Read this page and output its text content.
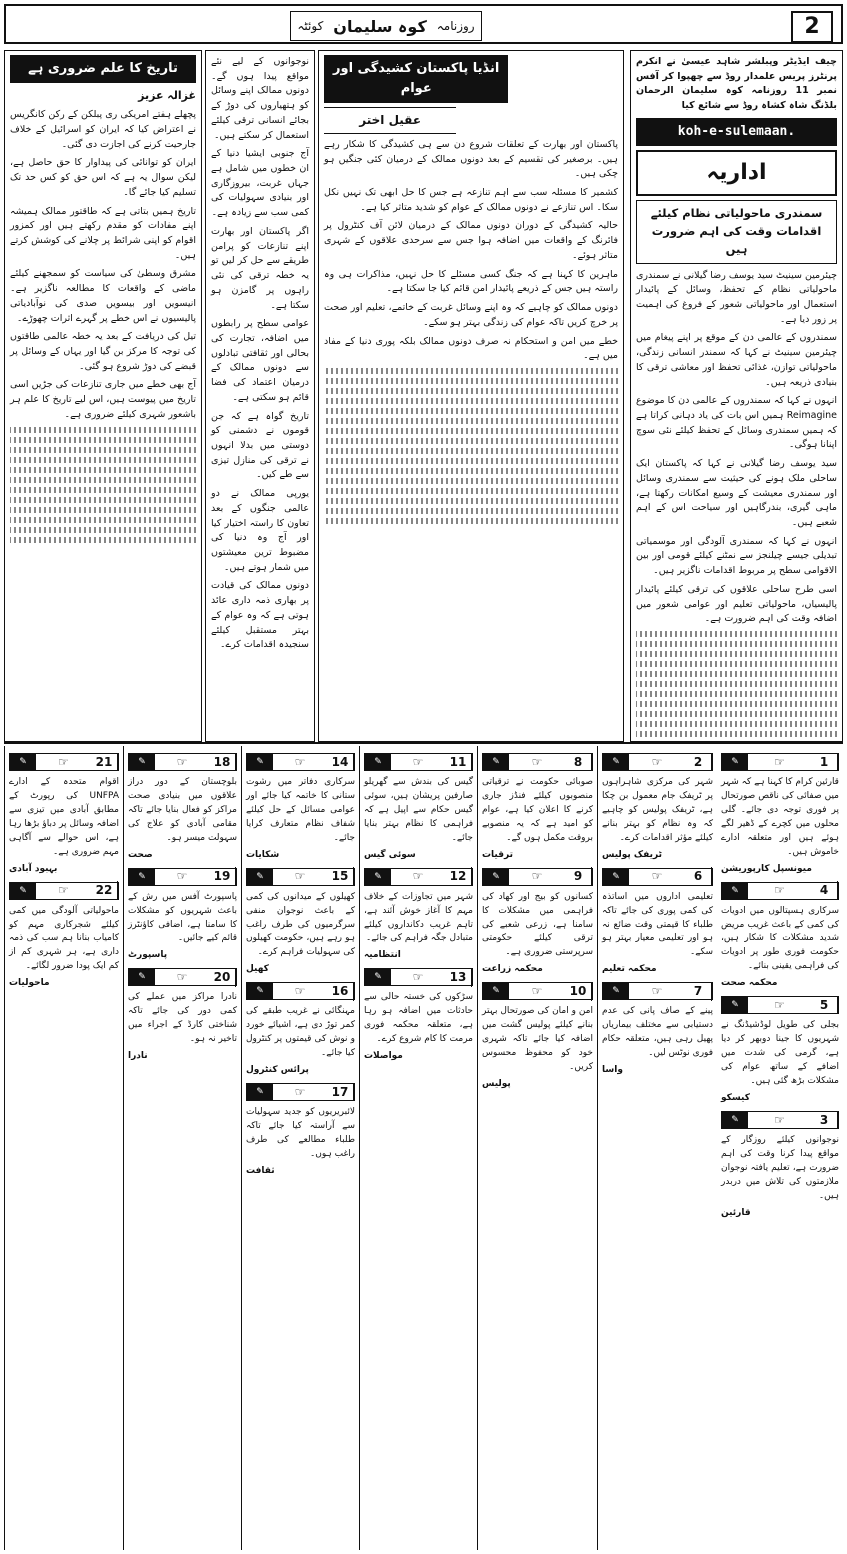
2
کوئٹہ کوہ سلیمان روزنامہ

چیف ایڈیٹر وپبلشر شاہد عیسیٰ نے انکرم پرنٹرز پریس علمدار روڈ سے چھپوا کر آفس نمبر 11 روزنامہ کوہ سلیمان الرحمان بلڈنگ شاہ کشاہ روڈ سے شائع کیا

koh-e-sulemaan.
اداریہ
سمندری ماحولیاتی نظام کیلئے اقدامات وقت کی اہم ضرورت ہیں

چیئرمین سینیٹ سید یوسف رضا گیلانی نے سمندری ماحولیاتی نظام کے تحفظ، وسائل کے پائیدار استعمال اور ماحولیاتی شعور کے فروغ کی اہمیت پر زور دیا ہے۔

سمندروں کے عالمی دن کے موقع پر اپنے پیغام میں چیئرمین سینیٹ نے کہا کہ سمندر انسانی زندگی، ماحولیاتی توازن، غذائی تحفظ اور معاشی ترقی کا بنیادی ذریعہ ہیں۔

انہوں نے کہا کہ سمندروں کے عالمی دن کا موضوع Reimagine ہمیں اس بات کی یاد دہانی کراتا ہے کہ ہمیں سمندری وسائل کے تحفظ کیلئے نئی سوچ اپنانا ہوگی۔

سید یوسف رضا گیلانی نے کہا کہ پاکستان ایک ساحلی ملک ہونے کی حیثیت سے سمندری وسائل اور سمندری معیشت کے وسیع امکانات رکھتا ہے، ماہی گیری، بندرگاہیں اور سیاحت اس کے اہم شعبے ہیں۔

انہوں نے کہا کہ سمندری آلودگی اور موسمیاتی تبدیلی جیسے چیلنجز سے نمٹنے کیلئے قومی اور بین الاقوامی سطح پر مربوط اقدامات ناگزیر ہیں۔

اسی طرح ساحلی علاقوں کی ترقی کیلئے پائیدار پالیسیاں، ماحولیاتی تعلیم اور عوامی شعور میں اضافہ وقت کی اہم ضرورت ہے۔

انڈیا پاکستان کشیدگی اور عوام
عقیل اختر

پاکستان اور بھارت کے تعلقات شروع دن سے ہی کشیدگی کا شکار رہے ہیں۔ برصغیر کی تقسیم کے بعد دونوں ممالک کے درمیان کئی جنگیں ہو چکی ہیں۔

کشمیر کا مسئلہ سب سے اہم تنازعہ ہے جس کا حل ابھی تک نہیں نکل سکا۔ اس تنازعے نے دونوں ممالک کے عوام کو شدید متاثر کیا ہے۔

حالیہ کشیدگی کے دوران دونوں ممالک کے درمیان لائن آف کنٹرول پر فائرنگ کے واقعات میں اضافہ ہوا جس سے سرحدی علاقوں کے شہری متاثر ہوئے۔

ماہرین کا کہنا ہے کہ جنگ کسی مسئلے کا حل نہیں، مذاکرات ہی وہ راستہ ہیں جس کے ذریعے پائیدار امن قائم کیا جا سکتا ہے۔

دونوں ممالک کو چاہیے کہ وہ اپنے وسائل غربت کے خاتمے، تعلیم اور صحت پر خرچ کریں تاکہ عوام کی زندگی بہتر ہو سکے۔

خطے میں امن و استحکام نہ صرف دونوں ممالک بلکہ پوری دنیا کے مفاد میں ہے۔

نوجوانوں کے لیے نئے مواقع پیدا ہوں گے۔ دونوں ممالک اپنے وسائل کو ہتھیاروں کی دوڑ کے بجائے انسانی ترقی کیلئے استعمال کر سکتے ہیں۔

آج جنوبی ایشیا دنیا کے ان خطوں میں شامل ہے جہاں غربت، بیروزگاری اور بنیادی سہولیات کی کمی سب سے زیادہ ہے۔

اگر پاکستان اور بھارت اپنے تنازعات کو پرامن طریقے سے حل کر لیں تو یہ خطہ ترقی کی نئی راہوں پر گامزن ہو سکتا ہے۔

عوامی سطح پر رابطوں میں اضافہ، تجارت کی بحالی اور ثقافتی تبادلوں سے دونوں ممالک کے درمیان اعتماد کی فضا قائم ہو سکتی ہے۔

تاریخ گواہ ہے کہ جن قوموں نے دشمنی کو دوستی میں بدلا انہوں نے ترقی کی منازل تیزی سے طے کیں۔

یورپی ممالک نے دو عالمی جنگوں کے بعد تعاون کا راستہ اختیار کیا اور آج وہ دنیا کی مضبوط ترین معیشتوں میں شمار ہوتے ہیں۔

دونوں ممالک کی قیادت پر بھاری ذمہ داری عائد ہوتی ہے کہ وہ عوام کے بہتر مستقبل کیلئے سنجیدہ اقدامات کرے۔

تاریخ کا علم ضروری ہے
غزالہ عزیز

پچھلے ہفتے امریکی ری پبلکن کے رکن کانگریس نے اعتراض کیا کہ ایران کو اسرائیل کے خلاف جارحیت کرنے کی اجازت دی گئی۔

ایران کو توانائی کی پیداوار کا حق حاصل ہے، لیکن سوال یہ ہے کہ اس حق کو کس حد تک تسلیم کیا جائے گا۔

تاریخ ہمیں بتاتی ہے کہ طاقتور ممالک ہمیشہ اپنے مفادات کو مقدم رکھتے ہیں اور کمزور اقوام کو اپنی شرائط پر چلانے کی کوشش کرتے ہیں۔

مشرق وسطیٰ کی سیاست کو سمجھنے کیلئے ماضی کے واقعات کا مطالعہ ناگزیر ہے۔ انیسویں اور بیسویں صدی کی نوآبادیاتی پالیسیوں نے اس خطے پر گہرے اثرات چھوڑے۔

تیل کی دریافت کے بعد یہ خطہ عالمی طاقتوں کی توجہ کا مرکز بن گیا اور یہاں کے وسائل پر قبضے کی دوڑ شروع ہو گئی۔

آج بھی خطے میں جاری تنازعات کی جڑیں اسی تاریخ میں پیوست ہیں، اس لیے تاریخ کا علم ہر باشعور شہری کیلئے ضروری ہے۔

✎	☞	1

قارئین کرام کا کہنا ہے کہ شہر میں صفائی کی ناقص صورتحال پر فوری توجہ دی جائے۔ گلی محلوں میں کچرے کے ڈھیر لگے ہوئے ہیں اور متعلقہ ادارے خاموش ہیں۔

میونسپل کارپوریشن
✎	☞	4

سرکاری ہسپتالوں میں ادویات کی کمی کے باعث غریب مریض شدید مشکلات کا شکار ہیں، حکومت فوری طور پر ادویات کی فراہمی یقینی بنائے۔

محکمہ صحت
✎	☞	5

بجلی کی طویل لوڈشیڈنگ نے شہریوں کا جینا دوبھر کر دیا ہے، گرمی کی شدت میں اضافے کے ساتھ عوام کی مشکلات بڑھ گئی ہیں۔

کیسکو
✎	☞	3

نوجوانوں کیلئے روزگار کے مواقع پیدا کرنا وقت کی اہم ضرورت ہے، تعلیم یافتہ نوجوان ملازمتوں کی تلاش میں دربدر ہیں۔

قارئین
✎	☞	2

شہر کی مرکزی شاہراہوں پر ٹریفک جام معمول بن چکا ہے، ٹریفک پولیس کو چاہیے کہ وہ نظام کو بہتر بنانے کیلئے مؤثر اقدامات کرے۔

ٹریفک پولیس
✎	☞	6

تعلیمی اداروں میں اساتذہ کی کمی پوری کی جائے تاکہ طلباء کا قیمتی وقت ضائع نہ ہو اور تعلیمی معیار بہتر ہو سکے۔

محکمہ تعلیم
✎	☞	7

پینے کے صاف پانی کی عدم دستیابی سے مختلف بیماریاں پھیل رہی ہیں، متعلقہ حکام فوری نوٹس لیں۔

واسا
✎	☞	8

صوبائی حکومت نے ترقیاتی منصوبوں کیلئے فنڈز جاری کرنے کا اعلان کیا ہے، عوام کو امید ہے کہ یہ منصوبے بروقت مکمل ہوں گے۔

ترقیات
✎	☞	9

کسانوں کو بیج اور کھاد کی فراہمی میں مشکلات کا سامنا ہے، زرعی شعبے کی ترقی کیلئے حکومتی سرپرستی ضروری ہے۔

محکمہ زراعت
✎	☞	10

امن و امان کی صورتحال بہتر بنانے کیلئے پولیس گشت میں اضافہ کیا جائے تاکہ شہری خود کو محفوظ محسوس کریں۔

پولیس
✎	☞	11

گیس کی بندش سے گھریلو صارفین پریشان ہیں، سوئی گیس حکام سے اپیل ہے کہ فراہمی کا نظام بہتر بنایا جائے۔

سوئی گیس
✎	☞	12

شہر میں تجاوزات کے خلاف مہم کا آغاز خوش آئند ہے، تاہم غریب دکانداروں کیلئے متبادل جگہ فراہم کی جائے۔

انتظامیہ
✎	☞	13

سڑکوں کی خستہ حالی سے حادثات میں اضافہ ہو رہا ہے، متعلقہ محکمہ فوری مرمت کا کام شروع کرے۔

مواصلات
✎	☞	14

سرکاری دفاتر میں رشوت ستانی کا خاتمہ کیا جائے اور عوامی مسائل کے حل کیلئے شفاف نظام متعارف کرایا جائے۔

شکایات
✎	☞	15

کھیلوں کے میدانوں کی کمی کے باعث نوجوان منفی سرگرمیوں کی طرف راغب ہو رہے ہیں، حکومت کھیلوں کی سہولیات فراہم کرے۔

کھیل
✎	☞	16

مہنگائی نے غریب طبقے کی کمر توڑ دی ہے، اشیائے خورد و نوش کی قیمتوں پر کنٹرول کیا جائے۔

پرائس کنٹرول
✎	☞	17

لائبریریوں کو جدید سہولیات سے آراستہ کیا جائے تاکہ طلباء مطالعے کی طرف راغب ہوں۔

ثقافت
✎	☞	18

بلوچستان کے دور دراز علاقوں میں بنیادی صحت مراکز کو فعال بنایا جائے تاکہ مقامی آبادی کو علاج کی سہولت میسر ہو۔

صحت
✎	☞	19

پاسپورٹ آفس میں رش کے باعث شہریوں کو مشکلات کا سامنا ہے، اضافی کاؤنٹرز قائم کیے جائیں۔

پاسپورٹ
✎	☞	20

نادرا مراکز میں عملے کی کمی دور کی جائے تاکہ شناختی کارڈ کے اجراء میں تاخیر نہ ہو۔

نادرا
✎	☞	21

اقوام متحدہ کے ادارے UNFPA کی رپورٹ کے مطابق آبادی میں تیزی سے اضافہ وسائل پر دباؤ بڑھا رہا ہے، اس حوالے سے آگاہی مہم ضروری ہے۔

بہبود آبادی
✎	☞	22

ماحولیاتی آلودگی میں کمی کیلئے شجرکاری مہم کو کامیاب بنانا ہم سب کی ذمہ داری ہے، ہر شہری کم از کم ایک پودا ضرور لگائے۔

ماحولیات
